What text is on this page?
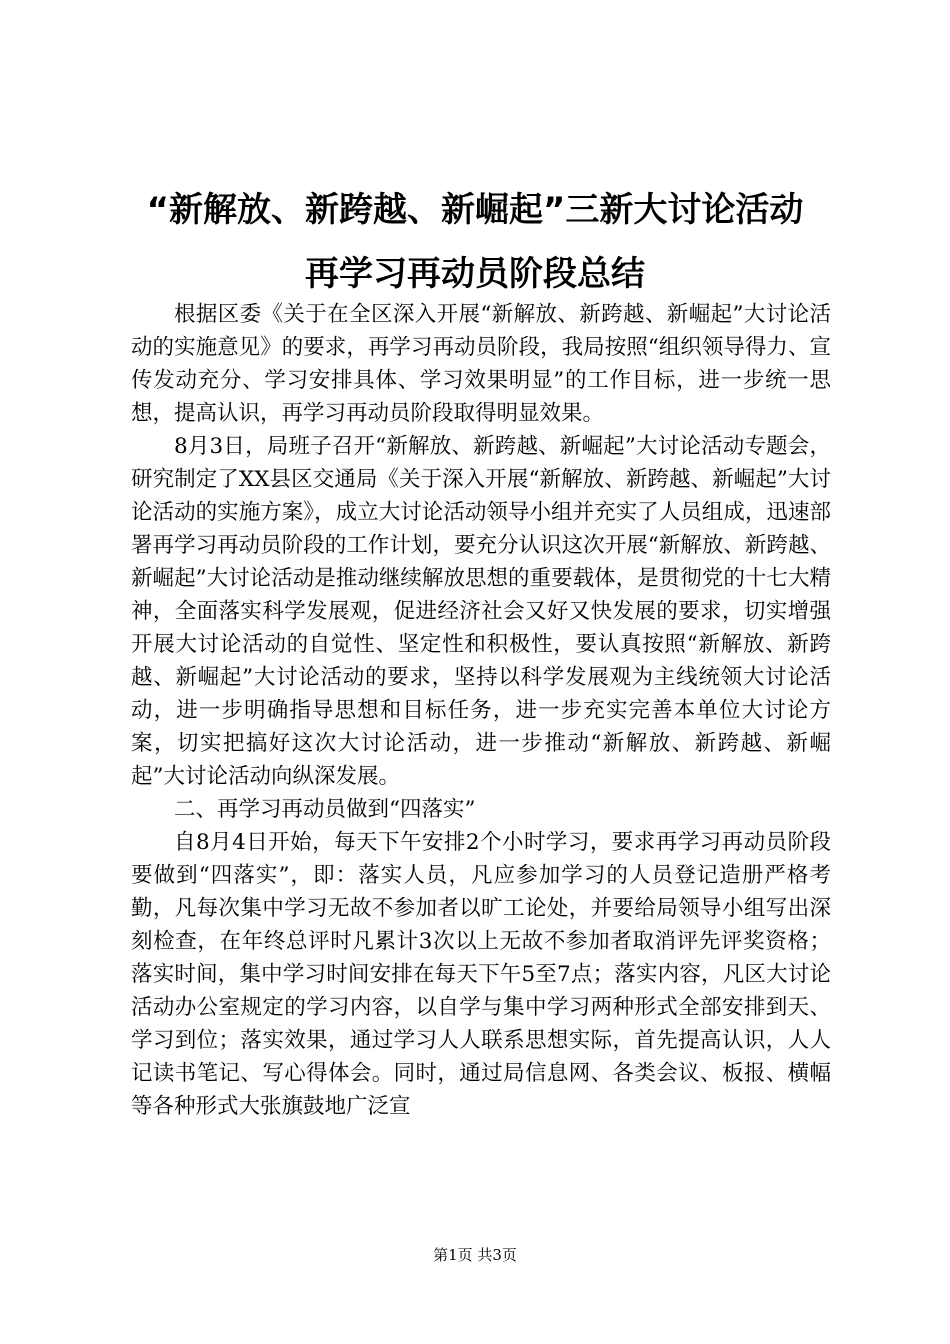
“新解放、新跨越、新崛起”三新大讨论活动
再学习再动员阶段总结

根据区委《关于在全区深入开展“新解放、新跨越、新崛起”大讨论活动的实施意见》的要求，再学习再动员阶段，我局按照“组织领导得力、宣传发动充分、学习安排具体、学习效果明显”的工作目标，进一步统一思想，提高认识，再学习再动员阶段取得明显效果。

8月3日，局班子召开“新解放、新跨越、新崛起”大讨论活动专题会，研究制定了XX县区交通局《关于深入开展“新解放、新跨越、新崛起”大讨论活动的实施方案》，成立大讨论活动领导小组并充实了人员组成，迅速部署再学习再动员阶段的工作计划，要充分认识这次开展“新解放、新跨越、新崛起”大讨论活动是推动继续解放思想的重要载体，是贯彻党的十七大精神，全面落实科学发展观，促进经济社会又好又快发展的要求，切实增强开展大讨论活动的自觉性、坚定性和积极性，要认真按照“新解放、新跨越、新崛起”大讨论活动的要求，坚持以科学发展观为主线统领大讨论活动，进一步明确指导思想和目标任务，进一步充实完善本单位大讨论方案，切实把搞好这次大讨论活动，进一步推动“新解放、新跨越、新崛起”大讨论活动向纵深发展。

二、再学习再动员做到“四落实”

自8月4日开始，每天下午安排2个小时学习，要求再学习再动员阶段要做到“四落实”，即：落实人员，凡应参加学习的人员登记造册严格考勤，凡每次集中学习无故不参加者以旷工论处，并要给局领导小组写出深刻检查，在年终总评时凡累计3次以上无故不参加者取消评先评奖资格；落实时间，集中学习时间安排在每天下午5至7点；落实内容，凡区大讨论活动办公室规定的学习内容，以自学与集中学习两种形式全部安排到天、学习到位；落实效果，通过学习人人联系思想实际，首先提高认识，人人记读书笔记、写心得体会。同时，通过局信息网、各类会议、板报、横幅等各种形式大张旗鼓地广泛宣

第1页 共3页
